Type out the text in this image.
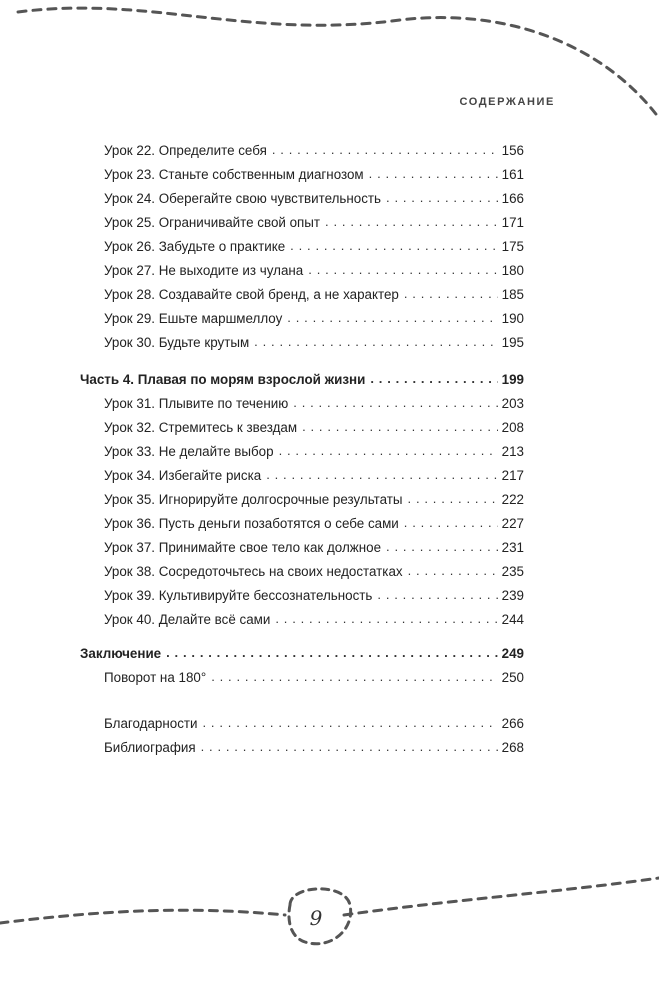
СОДЕРЖАНИЕ
Урок 22. Определите себя . . .	156
Урок 23. Станьте собственным диагнозом . . .	161
Урок 24. Оберегайте свою чувствительность . . .	166
Урок 25. Ограничивайте свой опыт . . .	171
Урок 26. Забудьте о практике . . .	175
Урок 27. Не выходите из чулана . . .	180
Урок 28. Создавайте свой бренд, а не характер . . .	185
Урок 29. Ешьте маршмеллоу . . .	190
Урок 30. Будьте крутым . . .	195
Часть 4. Плавая по морям взрослой жизни . . .	199
Урок 31. Плывите по течению . . .	203
Урок 32. Стремитесь к звездам . . .	208
Урок 33. Не делайте выбор . . .	213
Урок 34. Избегайте риска . . .	217
Урок 35. Игнорируйте долгосрочные результаты . . .	222
Урок 36. Пусть деньги позаботятся о себе сами . . .	227
Урок 37. Принимайте свое тело как должное . . .	231
Урок 38. Сосредоточьтесь на своих недостатках . . .	235
Урок 39. Культивируйте бессознательность . . .	239
Урок 40. Делайте всё сами . . .	244
Заключение . . .	249
Поворот на 180° . . .	250
Благодарности . . .	266
Библиография . . .	268
9
